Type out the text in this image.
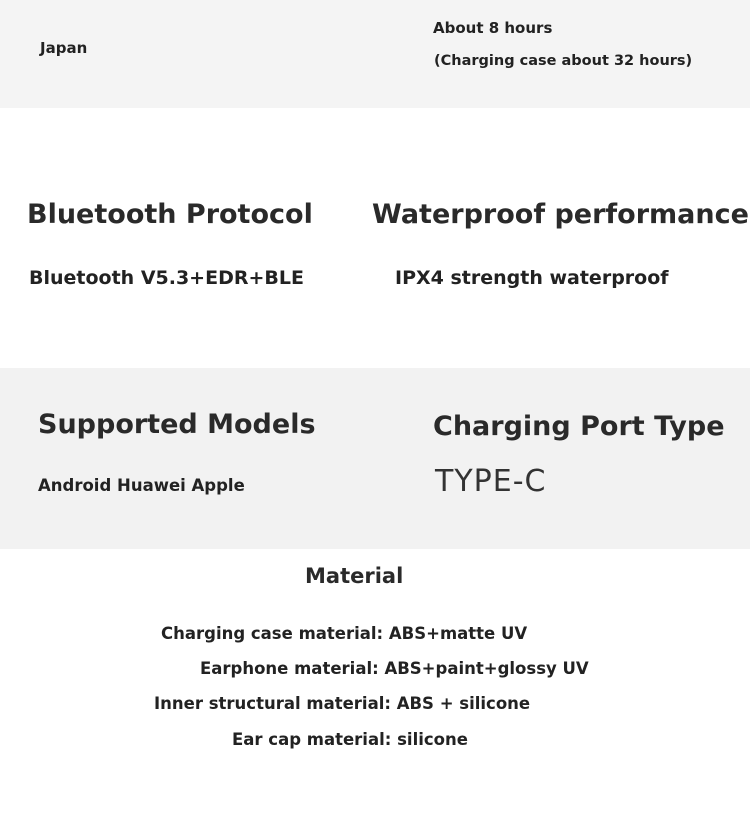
Japan
About 8 hours
(Charging case about 32 hours)
Bluetooth Protocol
Bluetooth V5.3+EDR+BLE
Waterproof performance
IPX4 strength waterproof
Supported Models
Android Huawei Apple
Charging Port Type
TYPE-C
Material
Charging case material: ABS+matte UV
Earphone material: ABS+paint+glossy UV
Inner structural material: ABS + silicone
Ear cap material: silicone
